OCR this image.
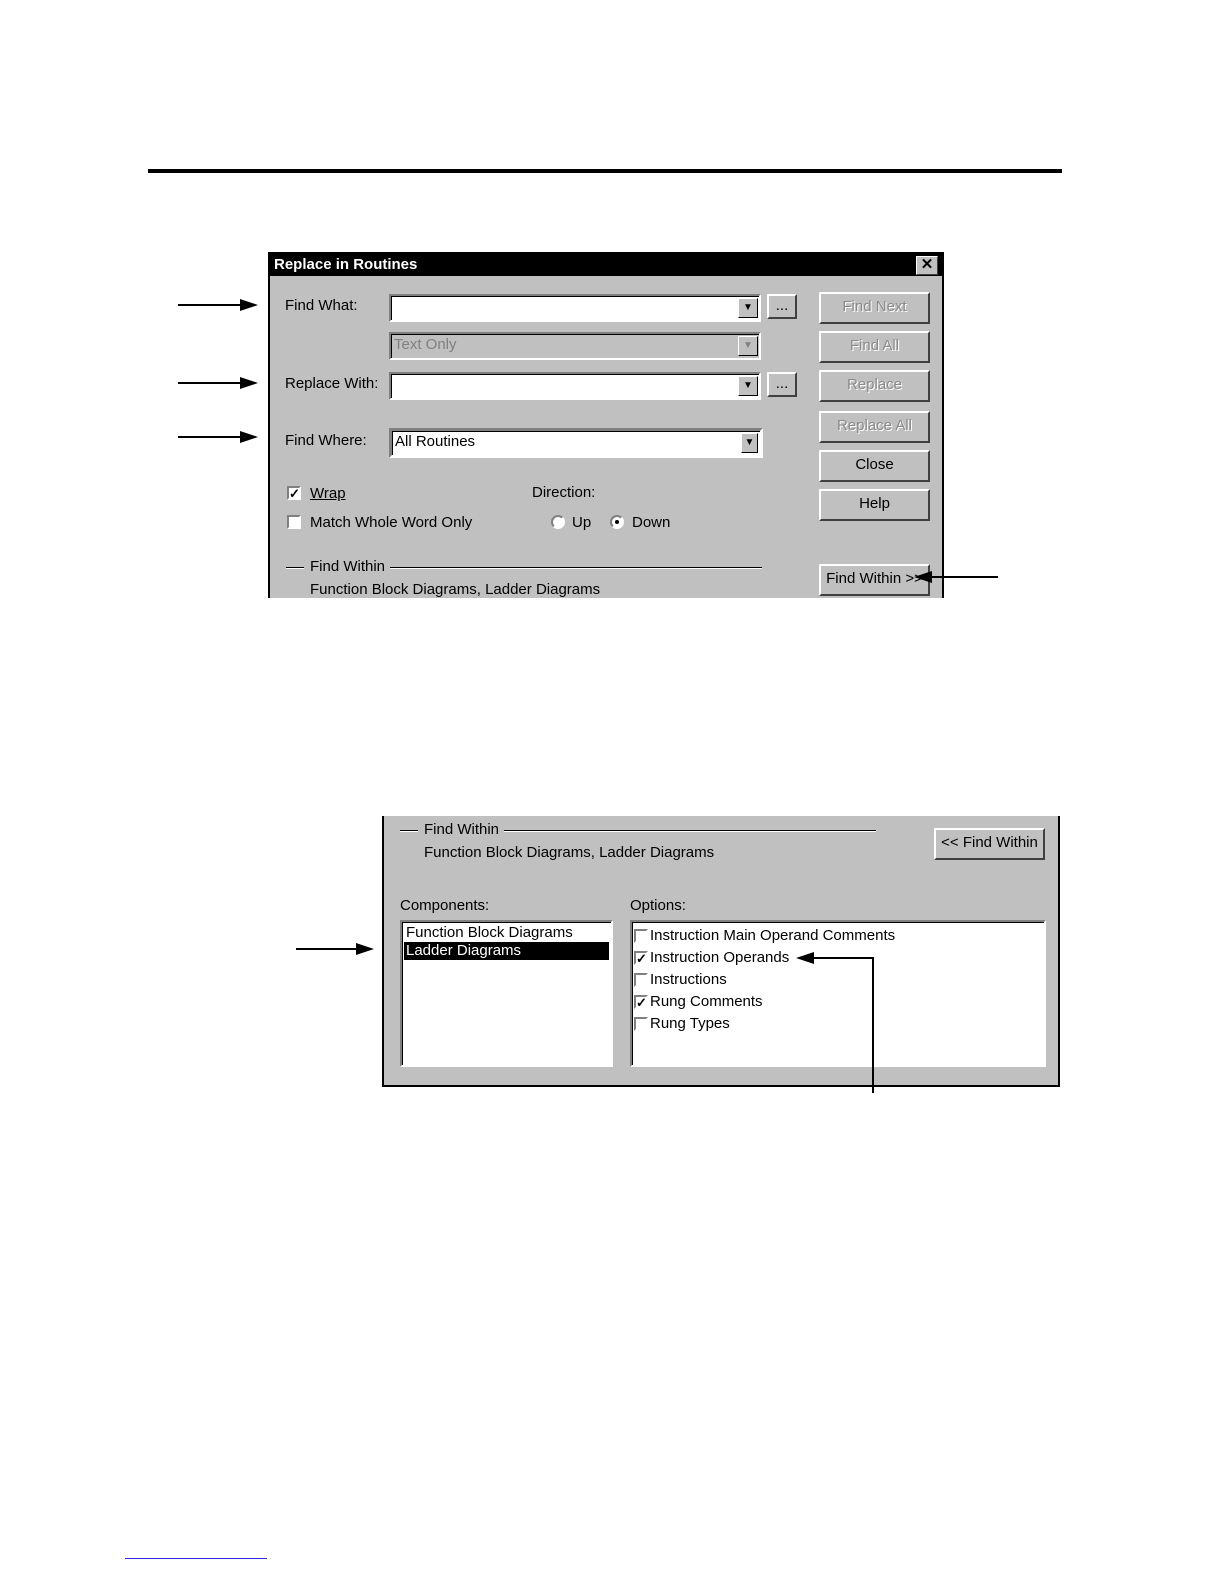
Replace in Routines	✕
Find What:	▼	...
Text Only	▼
Replace With:	▼	...
Find Where:	All Routines	▼
✓ Wrap
Match Whole Word Only
Direction:
Up	Down
Find Within
Function Block Diagrams, Ladder Diagrams
Find Next
Find All
Replace
Replace All
Close
Help
Find Within >>
Find Within
Function Block Diagrams, Ladder Diagrams
<< Find Within
Components:	Options:
Function Block Diagrams
Ladder Diagrams
Instruction Main Operand Comments
✓ Instruction Operands
Instructions
✓ Rung Comments
Rung Types
